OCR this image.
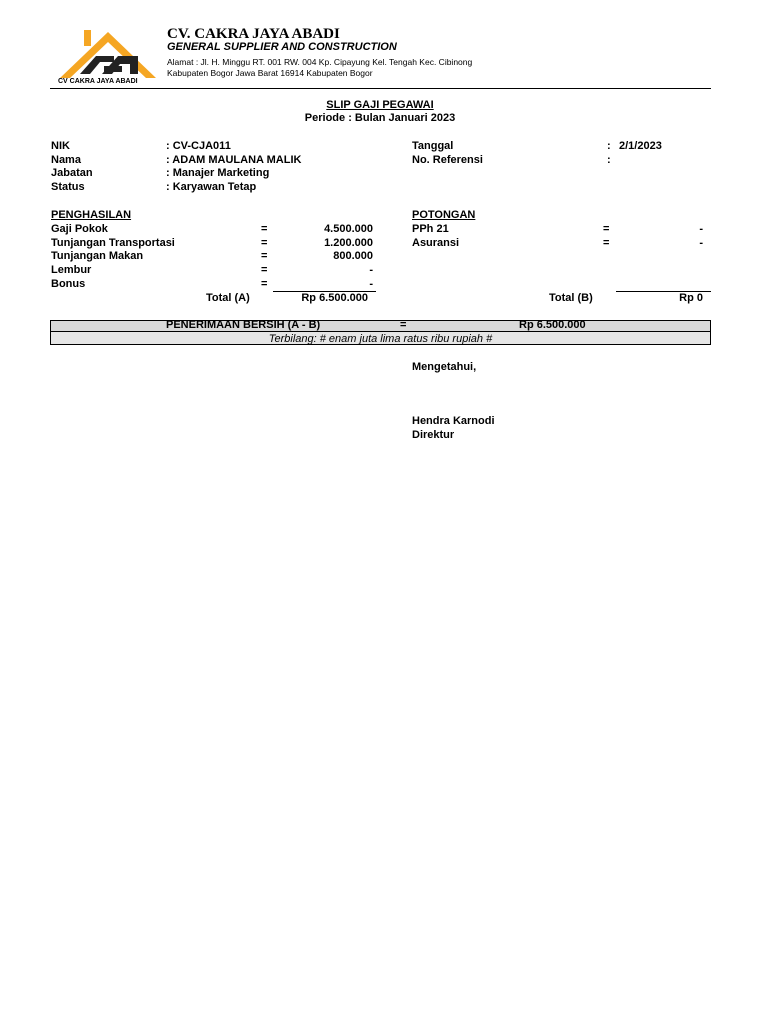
CV CAKRA JAYA ABADI
CV. CAKRA JAYA ABADI
GENERAL SUPPLIER AND CONSTRUCTION
Alamat : Jl. H. Minggu RT. 001 RW. 004 Kp. Cipayung Kel. Tengah Kec. Cibinong
Kabupaten Bogor Jawa Barat 16914 Kabupaten Bogor
SLIP GAJI PEGAWAI
Periode : Bulan Januari 2023
NIK	: CV-CJA011
Nama	: ADAM MAULANA MALIK
Jabatan	: Manajer Marketing
Status	: Karyawan Tetap
Tanggal	: 2/1/2023
No. Referensi	:
PENGHASILAN
Gaji Pokok	=	4.500.000
Tunjangan Transportasi	=	1.200.000
Tunjangan Makan	=	800.000
Lembur	=	-
Bonus	=	-
Total (A)	Rp 6.500.000
POTONGAN
PPh 21	=	-
Asuransi	=	-
Total (B)	Rp 0
PENERIMAAN BERSIH (A - B)	=	Rp 6.500.000
Terbilang: # enam juta lima ratus ribu rupiah #
Mengetahui,
Hendra Karnodi
Direktur
